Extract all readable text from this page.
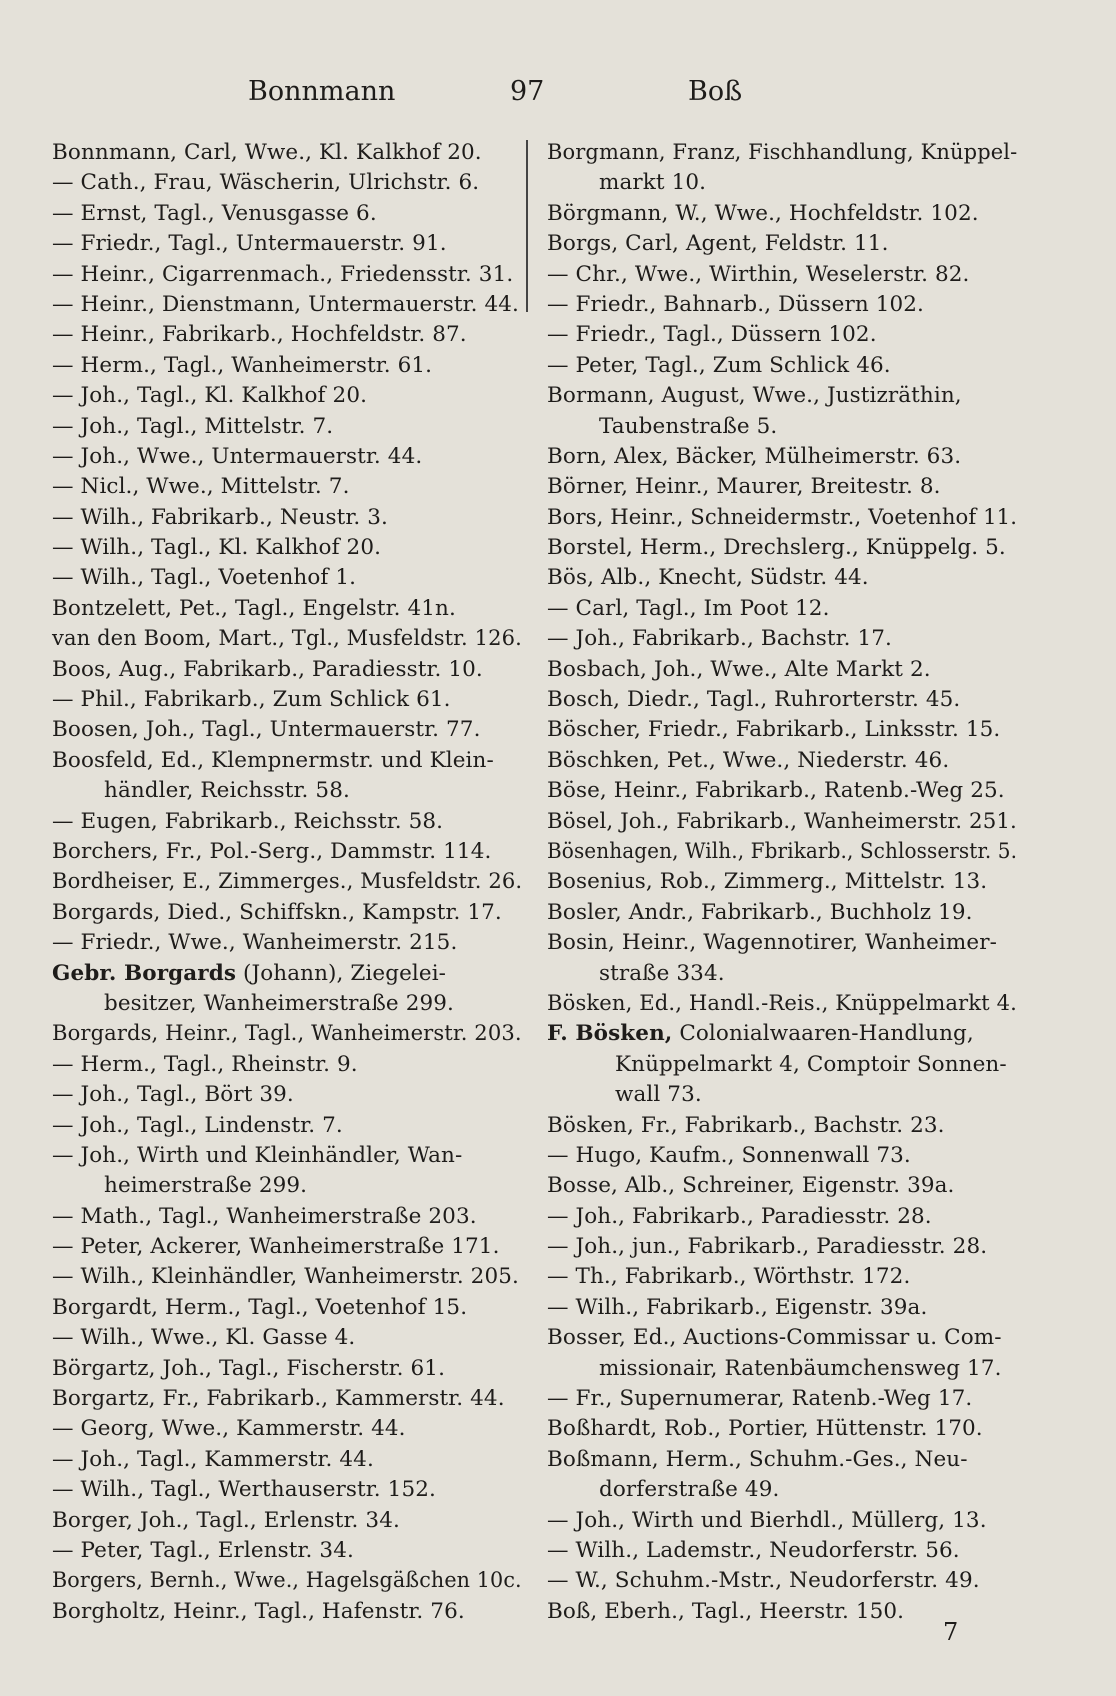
Bonnmann	97	Boß
Bonnmann, Carl, Wwe., Kl. Kalkhof 20.
— Cath., Frau, Wäscherin, Ulrichstr. 6.
— Ernst, Tagl., Venusgasse 6.
— Friedr., Tagl., Untermauerstr. 91.
— Heinr., Cigarrenmach., Friedensstr. 31.
— Heinr., Dienstmann, Untermauerstr. 44.
— Heinr., Fabrikarb., Hochfeldstr. 87.
— Herm., Tagl., Wanheimerstr. 61.
— Joh., Tagl., Kl. Kalkhof 20.
— Joh., Tagl., Mittelstr. 7.
— Joh., Wwe., Untermauerstr. 44.
— Nicl., Wwe., Mittelstr. 7.
— Wilh., Fabrikarb., Neustr. 3.
— Wilh., Tagl., Kl. Kalkhof 20.
— Wilh., Tagl., Voetenhof 1.
Bontzelett, Pet., Tagl., Engelstr. 41n.
van den Boom, Mart., Tgl., Musfeldstr. 126.
Boos, Aug., Fabrikarb., Paradiesstr. 10.
— Phil., Fabrikarb., Zum Schlick 61.
Boosen, Joh., Tagl., Untermauerstr. 77.
Boosfeld, Ed., Klempnermstr. und Klein-
händler, Reichsstr. 58.
— Eugen, Fabrikarb., Reichsstr. 58.
Borchers, Fr., Pol.-Serg., Dammstr. 114.
Bordheiser, E., Zimmerges., Musfeldstr. 26.
Borgards, Died., Schiffskn., Kampstr. 17.
— Friedr., Wwe., Wanheimerstr. 215.
Gebr. Borgards (Johann), Ziegelei-
besitzer, Wanheimerstraße 299.
Borgards, Heinr., Tagl., Wanheimerstr. 203.
— Herm., Tagl., Rheinstr. 9.
— Joh., Tagl., Bört 39.
— Joh., Tagl., Lindenstr. 7.
— Joh., Wirth und Kleinhändler, Wan-
heimerstraße 299.
— Math., Tagl., Wanheimerstraße 203.
— Peter, Ackerer, Wanheimerstraße 171.
— Wilh., Kleinhändler, Wanheimerstr. 205.
Borgardt, Herm., Tagl., Voetenhof 15.
— Wilh., Wwe., Kl. Gasse 4.
Börgartz, Joh., Tagl., Fischerstr. 61.
Borgartz, Fr., Fabrikarb., Kammerstr. 44.
— Georg, Wwe., Kammerstr. 44.
— Joh., Tagl., Kammerstr. 44.
— Wilh., Tagl., Werthauserstr. 152.
Borger, Joh., Tagl., Erlenstr. 34.
— Peter, Tagl., Erlenstr. 34.
Borgers, Bernh., Wwe., Hagelsgäßchen 10c.
Borgholtz, Heinr., Tagl., Hafenstr. 76.
Borgmann, Franz, Fischhandlung, Knüppel-
markt 10.
Börgmann, W., Wwe., Hochfeldstr. 102.
Borgs, Carl, Agent, Feldstr. 11.
— Chr., Wwe., Wirthin, Weselerstr. 82.
— Friedr., Bahnarb., Düssern 102.
— Friedr., Tagl., Düssern 102.
— Peter, Tagl., Zum Schlick 46.
Bormann, August, Wwe., Justizräthin,
Taubenstraße 5.
Born, Alex, Bäcker, Mülheimerstr. 63.
Börner, Heinr., Maurer, Breitestr. 8.
Bors, Heinr., Schneidermstr., Voetenhof 11.
Borstel, Herm., Drechslerg., Knüppelg. 5.
Bös, Alb., Knecht, Südstr. 44.
— Carl, Tagl., Im Poot 12.
— Joh., Fabrikarb., Bachstr. 17.
Bosbach, Joh., Wwe., Alte Markt 2.
Bosch, Diedr., Tagl., Ruhrorterstr. 45.
Böscher, Friedr., Fabrikarb., Linksstr. 15.
Böschken, Pet., Wwe., Niederstr. 46.
Böse, Heinr., Fabrikarb., Ratenb.-Weg 25.
Bösel, Joh., Fabrikarb., Wanheimerstr. 251.
Bösenhagen, Wilh., Fbrikarb., Schlosserstr. 5.
Bosenius, Rob., Zimmerg., Mittelstr. 13.
Bosler, Andr., Fabrikarb., Buchholz 19.
Bosin, Heinr., Wagennotirer, Wanheimer-
straße 334.
Bösken, Ed., Handl.-Reis., Knüppelmarkt 4.
F. Bösken, Colonialwaaren-Handlung,
Knüppelmarkt 4, Comptoir Sonnen-
wall 73.
Bösken, Fr., Fabrikarb., Bachstr. 23.
— Hugo, Kaufm., Sonnenwall 73.
Bosse, Alb., Schreiner, Eigenstr. 39a.
— Joh., Fabrikarb., Paradiesstr. 28.
— Joh., jun., Fabrikarb., Paradiesstr. 28.
— Th., Fabrikarb., Wörthstr. 172.
— Wilh., Fabrikarb., Eigenstr. 39a.
Bosser, Ed., Auctions-Commissar u. Com-
missionair, Ratenbäumchensweg 17.
— Fr., Supernumerar, Ratenb.-Weg 17.
Boßhardt, Rob., Portier, Hüttenstr. 170.
Boßmann, Herm., Schuhm.-Ges., Neu-
dorferstraße 49.
— Joh., Wirth und Bierhdl., Müllerg, 13.
— Wilh., Lademstr., Neudorferstr. 56.
— W., Schuhm.-Mstr., Neudorferstr. 49.
Boß, Eberh., Tagl., Heerstr. 150.
7
